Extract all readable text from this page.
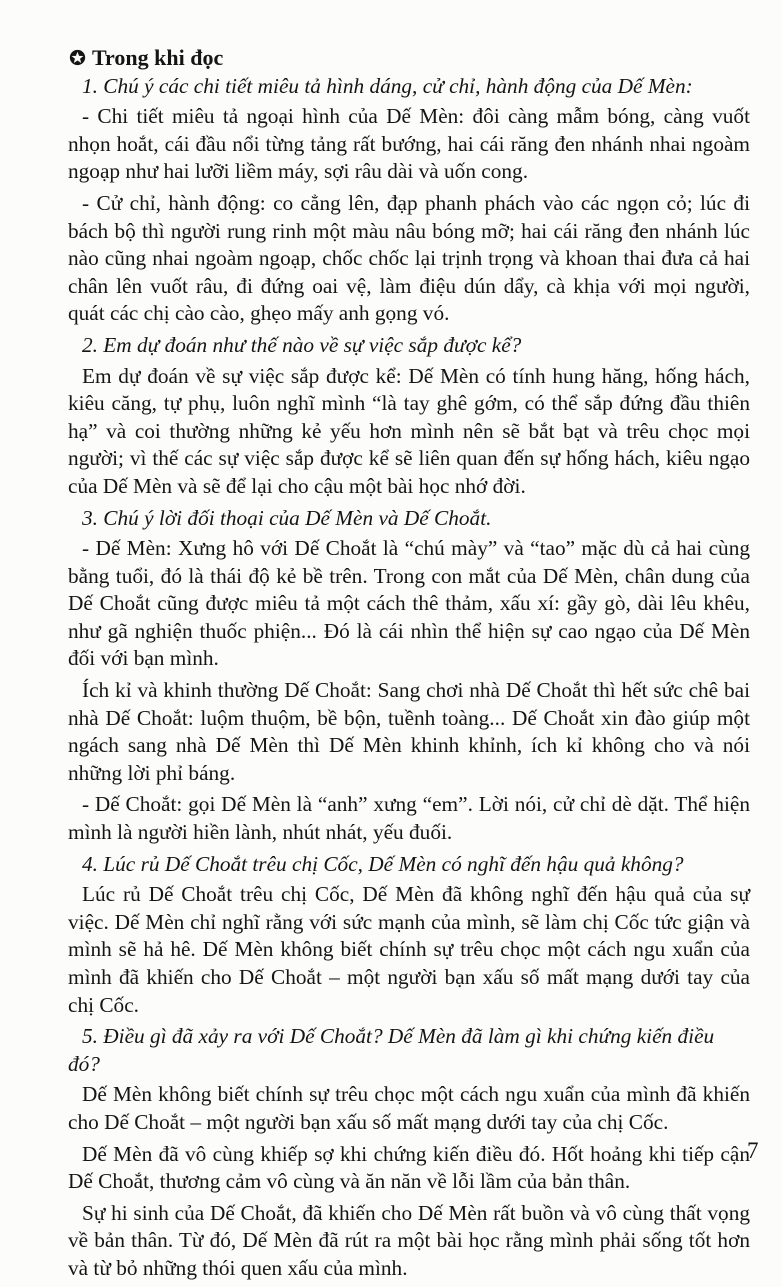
Trong khi đọc

1. Chú ý các chi tiết miêu tả hình dáng, cử chỉ, hành động của Dế Mèn:

- Chi tiết miêu tả ngoại hình của Dế Mèn: đôi càng mẫm bóng, càng vuốt nhọn hoắt, cái đầu nổi từng tảng rất bướng, hai cái răng đen nhánh nhai ngoàm ngoạp như hai lưỡi liềm máy, sợi râu dài và uốn cong.

- Cử chỉ, hành động: co cẳng lên, đạp phanh phách vào các ngọn cỏ; lúc đi bách bộ thì người rung rinh một màu nâu bóng mỡ; hai cái răng đen nhánh lúc nào cũng nhai ngoàm ngoạp, chốc chốc lại trịnh trọng và khoan thai đưa cả hai chân lên vuốt râu, đi đứng oai vệ, làm điệu dún dẩy, cà khịa với mọi người, quát các chị cào cào, ghẹo mấy anh gọng vó.

2. Em dự đoán như thế nào về sự việc sắp được kể?

Em dự đoán về sự việc sắp được kể: Dế Mèn có tính hung hăng, hống hách, kiêu căng, tự phụ, luôn nghĩ mình “là tay ghê gớm, có thể sắp đứng đầu thiên hạ” và coi thường những kẻ yếu hơn mình nên sẽ bắt bạt và trêu chọc mọi người; vì thế các sự việc sắp được kể sẽ liên quan đến sự hống hách, kiêu ngạo của Dế Mèn và sẽ để lại cho cậu một bài học nhớ đời.

3. Chú ý lời đối thoại của Dế Mèn và Dế Choắt.

- Dế Mèn: Xưng hô với Dế Choắt là “chú mày” và “tao” mặc dù cả hai cùng bằng tuổi, đó là thái độ kẻ bề trên. Trong con mắt của Dế Mèn, chân dung của Dế Choắt cũng được miêu tả một cách thê thảm, xấu xí: gầy gò, dài lêu khêu, như gã nghiện thuốc phiện... Đó là cái nhìn thể hiện sự cao ngạo của Dế Mèn đối với bạn mình.

Ích kỉ và khinh thường Dế Choắt: Sang chơi nhà Dế Choắt thì hết sức chê bai nhà Dế Choắt: luộm thuộm, bề bộn, tuềnh toàng... Dế Choắt xin đào giúp một ngách sang nhà Dế Mèn thì Dế Mèn khinh khỉnh, ích kỉ không cho và nói những lời phỉ báng.

- Dế Choắt: gọi Dế Mèn là “anh” xưng “em”. Lời nói, cử chỉ dè dặt. Thể hiện mình là người hiền lành, nhút nhát, yếu đuối.

4. Lúc rủ Dế Choắt trêu chị Cốc, Dế Mèn có nghĩ đến hậu quả không?

Lúc rủ Dế Choắt trêu chị Cốc, Dế Mèn đã không nghĩ đến hậu quả của sự việc. Dế Mèn chỉ nghĩ rằng với sức mạnh của mình, sẽ làm chị Cốc tức giận và mình sẽ hả hê. Dế Mèn không biết chính sự trêu chọc một cách ngu xuẩn của mình đã khiến cho Dế Choắt – một người bạn xấu số mất mạng dưới tay của chị Cốc.

5. Điều gì đã xảy ra với Dế Choắt? Dế Mèn đã làm gì khi chứng kiến điều đó?

Dế Mèn không biết chính sự trêu chọc một cách ngu xuẩn của mình đã khiến cho Dế Choắt – một người bạn xấu số mất mạng dưới tay của chị Cốc.

Dế Mèn đã vô cùng khiếp sợ khi chứng kiến điều đó. Hốt hoảng khi tiếp cận Dế Choắt, thương cảm vô cùng và ăn năn về lỗi lầm của bản thân.

Sự hi sinh của Dế Choắt, đã khiến cho Dế Mèn rất buồn và vô cùng thất vọng về bản thân. Từ đó, Dế Mèn đã rút ra một bài học rằng mình phải sống tốt hơn và từ bỏ những thói quen xấu của mình.

7
